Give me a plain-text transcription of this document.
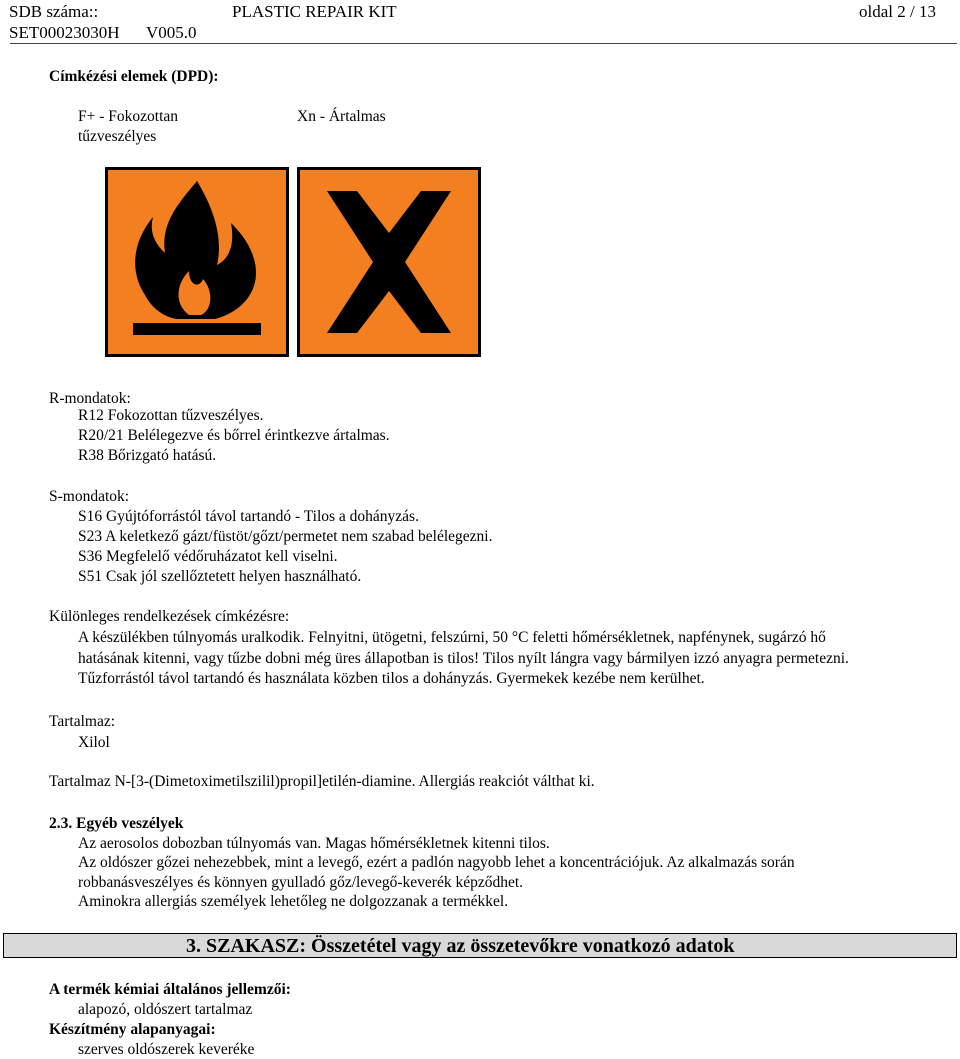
SDB száma::
SET00023030H V005.0
PLASTIC REPAIR KIT	oldal 2 / 13
Címkézési elemek (DPD):
F+ - Fokozottan
tűzveszélyes
Xn - Ártalmas
R-mondatok:
R12 Fokozottan tűzveszélyes.
R20/21 Belélegezve és bőrrel érintkezve ártalmas.
R38 Bőrizgató hatású.
S-mondatok:
S16 Gyújtóforrástól távol tartandó - Tilos a dohányzás.
S23 A keletkező gázt/füstöt/gőzt/permetet nem szabad belélegezni.
S36 Megfelelő védőruházatot kell viselni.
S51 Csak jól szellőztetett helyen használható.
Különleges rendelkezések címkézésre:
A készülékben túlnyomás uralkodik. Felnyitni, ütögetni, felszúrni, 50 °C feletti hőmérsékletnek, napfénynek, sugárzó hő
hatásának kitenni, vagy tűzbe dobni még üres állapotban is tilos! Tilos nyílt lángra vagy bármilyen izzó anyagra permetezni.
Tűzforrástól távol tartandó és használata közben tilos a dohányzás. Gyermekek kezébe nem kerülhet.
Tartalmaz:
Xilol
Tartalmaz N-[3-(Dimetoximetilszilil)propil]etilén-diamine. Allergiás reakciót válthat ki.
2.3. Egyéb veszélyek
Az aerosolos dobozban túlnyomás van. Magas hőmérsékletnek kitenni tilos.
Az oldószer gőzei nehezebbek, mint a levegő, ezért a padlón nagyobb lehet a koncentrációjuk. Az alkalmazás során
robbanásveszélyes és könnyen gyulladó gőz/levegő-keverék képződhet.
Aminokra allergiás személyek lehetőleg ne dolgozzanak a termékkel.
3. SZAKASZ: Összetétel vagy az összetevőkre vonatkozó adatok
A termék kémiai általános jellemzői:
alapozó, oldószert tartalmaz
Készítmény alapanyagai:
szerves oldószerek keveréke
